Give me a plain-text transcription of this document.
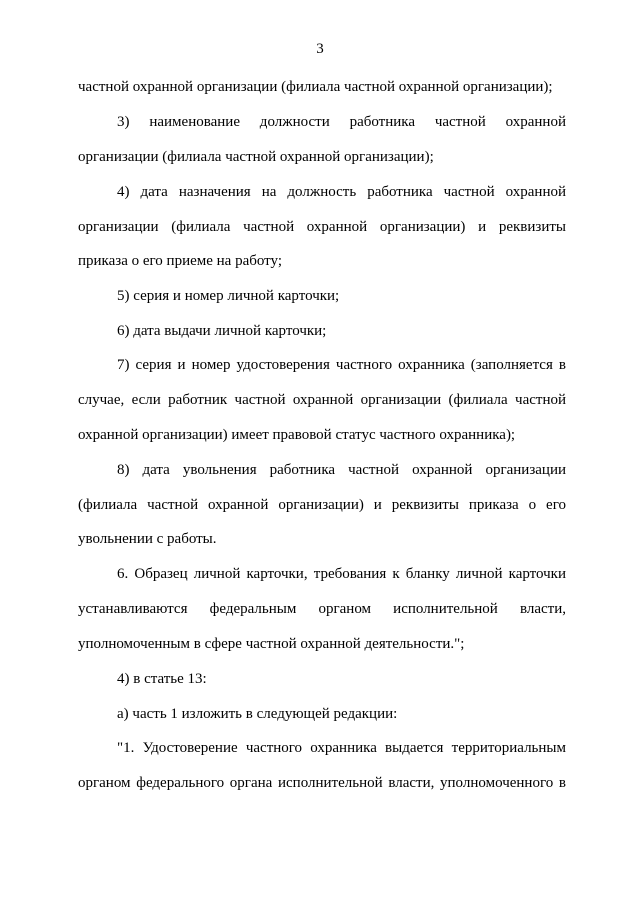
3
частной охранной организации (филиала частной охранной организации);
3) наименование должности работника частной охранной
организации (филиала частной охранной организации);
4) дата назначения на должность работника частной охранной
организации (филиала частной охранной организации) и реквизиты
приказа о его приеме на работу;
5) серия и номер личной карточки;
6) дата выдачи личной карточки;
7) серия и номер удостоверения частного охранника (заполняется в
случае, если работник частной охранной организации (филиала частной
охранной организации) имеет правовой статус частного охранника);
8) дата увольнения работника частной охранной организации
(филиала частной охранной организации) и реквизиты приказа о его
увольнении с работы.
6. Образец личной карточки, требования к бланку личной карточки
устанавливаются федеральным органом исполнительной власти,
уполномоченным в сфере частной охранной деятельности.";
4) в статье 13:
а) часть 1 изложить в следующей редакции:
"1. Удостоверение частного охранника выдается территориальным
органом федерального органа исполнительной власти, уполномоченного в
